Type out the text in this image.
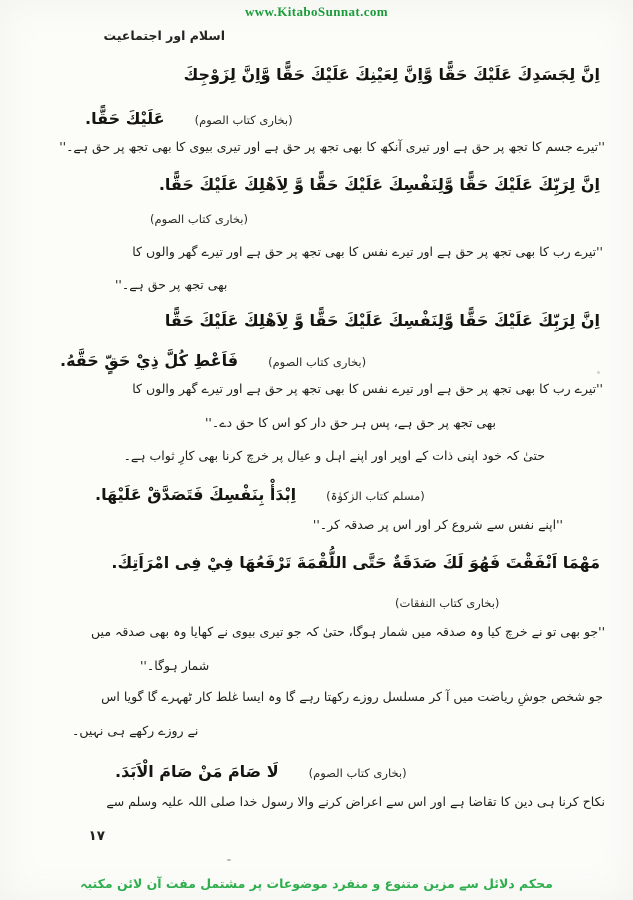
www.KitaboSunnat.com
اسلام اور اجتماعیت
اِنَّ لِجَسَدِكَ عَلَيْكَ حَقًّا وَّاِنَّ لِعَيْنِكَ عَلَيْكَ حَقًّا وَّاِنَّ لِزَوْجِكَ
(بخاری کتاب الصوم)عَلَيْكَ حَقًّا.
''تیرے جسم کا تجھ پر حق ہے اور تیری آنکھ کا بھی تجھ پر حق ہے اور تیری بیوی کا بھی تجھ پر حق ہے۔''
اِنَّ لِرَبِّكَ عَلَيْكَ حَقًّا وَّلِنَفْسِكَ عَلَيْكَ حَقًّا وَّ لِاَهْلِكَ عَلَيْكَ حَقًّا.
(بخاری کتاب الصوم)
''تیرے رب کا بھی تجھ پر حق ہے اور تیرے نفس کا بھی تجھ پر حق ہے اور تیرے گھر والوں کا
بھی تجھ پر حق ہے۔''
اِنَّ لِرَبِّكَ عَلَيْكَ حَقًّا وَّلِنَفْسِكَ عَلَيْكَ حَقًّا وَّ لِاَهْلِكَ عَلَيْكَ حَقًّا
(بخاری کتاب الصوم)فَاَعْطِ كُلَّ ذِيْ حَقٍّ حَقَّهُ.
''تیرے رب کا بھی تجھ پر حق ہے اور تیرے نفس کا بھی تجھ پر حق ہے اور تیرے گھر والوں کا
بھی تجھ پر حق ہے، پس ہر حق دار کو اس کا حق دے۔''
حتیٰ کہ خود اپنی ذات کے اوپر اور اپنے اہل و عیال پر خرچ کرنا بھی کارِ ثواب ہے۔
(مسلم کتاب الزکوٰۃ)اِبْدَأْ بِنَفْسِكَ فَتَصَدَّقْ عَلَيْهَا.
''اپنے نفس سے شروع کر اور اس پر صدقہ کر۔''
مَهْمَا اَنْفَقْتَ فَهُوَ لَكَ صَدَقَةٌ حَتَّى اللُّقْمَةَ تَرْفَعُهَا فِيْ فِى امْرَاَتِكَ.
(بخاری کتاب النفقات)
''جو بھی تو نے خرچ کیا وہ صدقہ میں شمار ہوگا، حتیٰ کہ جو تیری بیوی نے کھایا وہ بھی صدقہ میں
شمار ہوگا۔''
جو شخص جوشِ ریاضت میں آ کر مسلسل روزے رکھتا رہے گا وہ ایسا غلط کار ٹھہرے گا گویا اس
نے روزے رکھے ہی نہیں۔
(بخاری کتاب الصوم)لَا صَامَ مَنْ صَامَ الْاَبَدَ.
نکاح کرنا ہی دین کا تقاضا ہے اور اس سے اعراض کرنے والا رسول خدا صلی اللہ علیہ وسلم سے
۱۷
محکم دلائل سے مزین متنوع و منفرد موضوعات پر مشتمل مفت آن لائن مکتبہ
